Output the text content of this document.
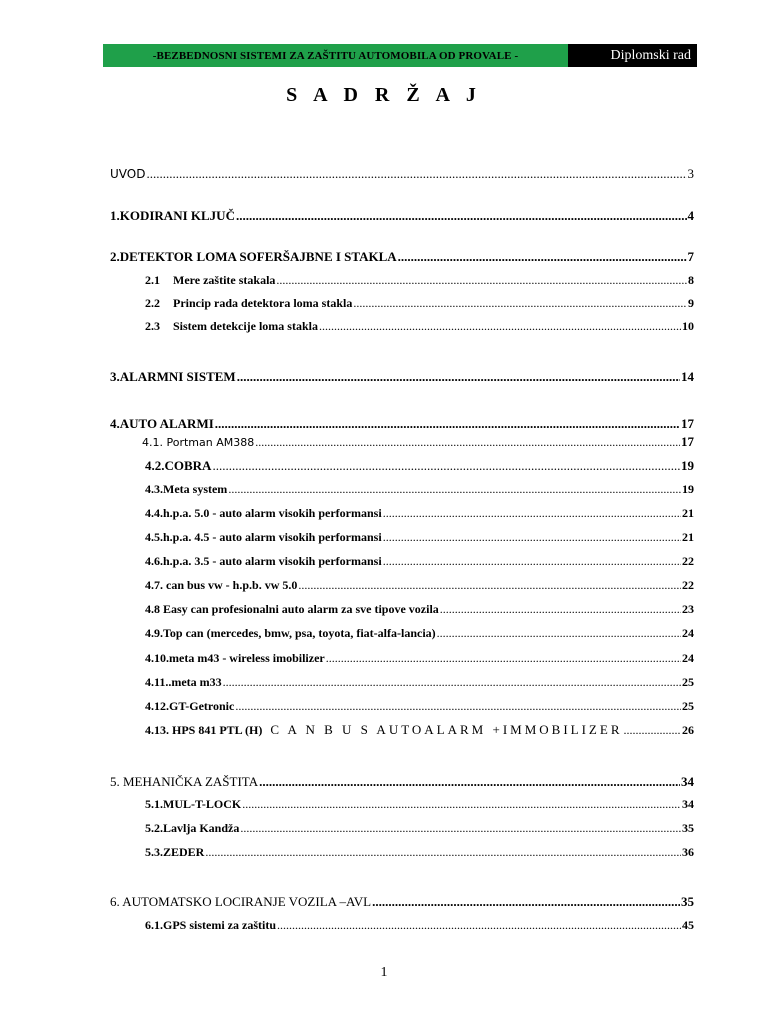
-BEZBEDNOSNI SISTEMI ZA ZAŠTITU AUTOMOBILA OD PROVALE -	Diplomski rad
S A D R Ž A J
UVOD .....	3
1.KODIRANI KLJUČ .....	4
2.DETEKTOR LOMA SOFERŠAJBNE I STAKLA .....	7
2.1	Mere zaštite stakala .....	8
2.2	Princip rada detektora loma stakla .....	9
2.3	Sistem detekcije loma stakla .....	10
3.ALARMNI SISTEM .....	14
4.AUTO ALARMI .....	17
4.1. Portman AM388 .....	17
4.2.COBRA .....	19
4.3.Meta system .....	19
4.4.h.p.a. 5.0 - auto alarm visokih performansi .....	21
4.5.h.p.a. 4.5 - auto alarm visokih performansi .....	21
4.6.h.p.a. 3.5 - auto alarm visokih performansi .....	22
4.7. can bus vw - h.p.b. vw 5.0 .....	22
4.8 Easy can profesionalni auto alarm za sve tipove vozila .....	23
4.9.Top can (mercedes, bmw, psa, toyota, fiat-alfa-lancia) .....	24
4.10.meta m43 - wireless imobilizer .....	24
4.11..meta m33 .....	25
4.12.GT-Getronic .....	25
4.13. HPS 841 PTL (H) C A N B U S AUTOALARM +IMMOBILIZER .....	26
5. MEHANIČKA ZAŠTITA .....	34
5.1.MUL-T-LOCK .....	34
5.2.Lavlja Kandža .....	35
5.3.ZEDER .....	36
6. AUTOMATSKO LOCIRANJE VOZILA –AVL .....	35
6.1.GPS sistemi za zaštitu .....	45
1
